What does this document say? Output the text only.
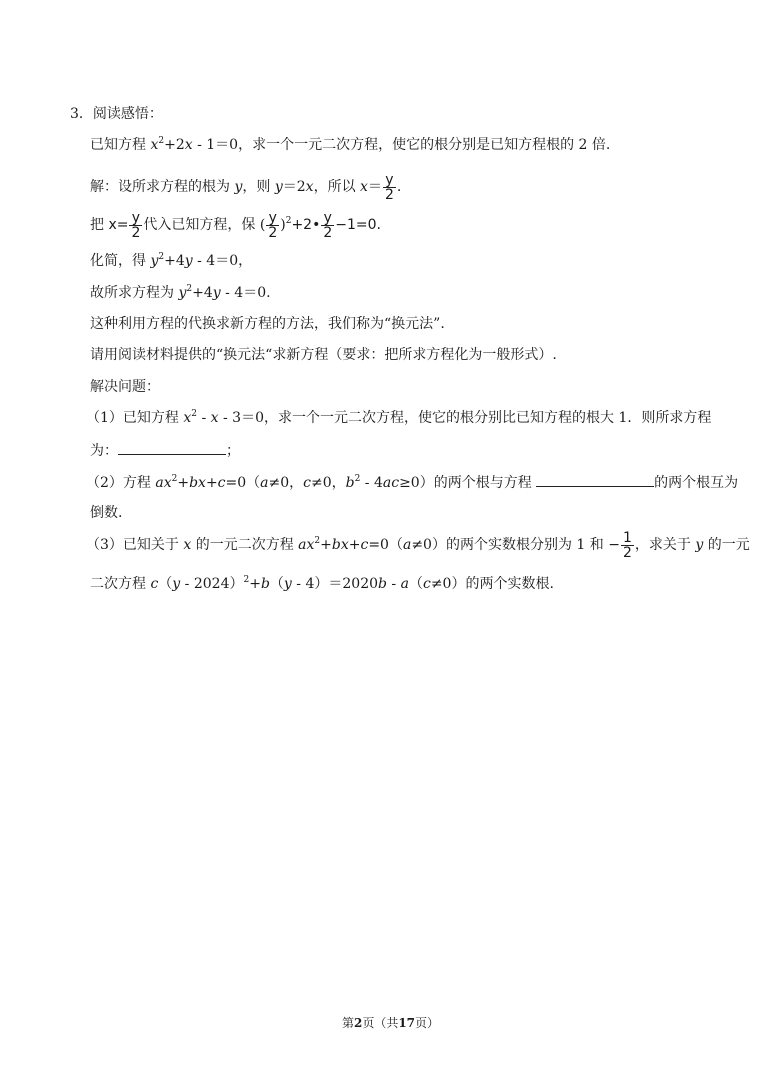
3．阅读感悟：
已知方程 $x^2+2x - 1=0$，求一个一元二次方程，使它的根分别是已知方程根的 2 倍.
解：设所求方程的根为 y，则 y＝2x，所以 $x= \frac{y}{2}$ .
把 $x= \frac{y}{2}$ 代入已知方程，保 ( $\frac{y}{2}$ )$^2$+2• $\frac{y}{2} -1=0$.
化简，得 $y^2+4y - 4=0$，
故所求方程为 $y^2+4y - 4=0$.
这种利用方程的代换求新方程的方法，我们称为“换元法”.
请用阅读材料提供的“换元法“求新方程（要求：把所求方程化为一般形式）.
解决问题：
（1）已知方程 $x^2 - x - 3=0$，求一个一元二次方程，使它的根分别比已知方程的根大 1．则所求方程
为：	；
（2）方程 $ax^2+bx+c=0(a\ne 0$，c≠0，$b^2 - 4ac\ge 0$）的两个根与方程	的两个根互为
倒数.
（3）已知关于 x 的一元二次方程 $ax^2+bx+c=0(a\ne 0)$的两个实数根分别为 1 和 − $\frac{1}{2}$ ，求关于 y 的一元
二次方程 c（y - 2024）$^2$+b（y - 4）＝2020b - a（c≠0）的两个实数根.
第2页（共17页）
